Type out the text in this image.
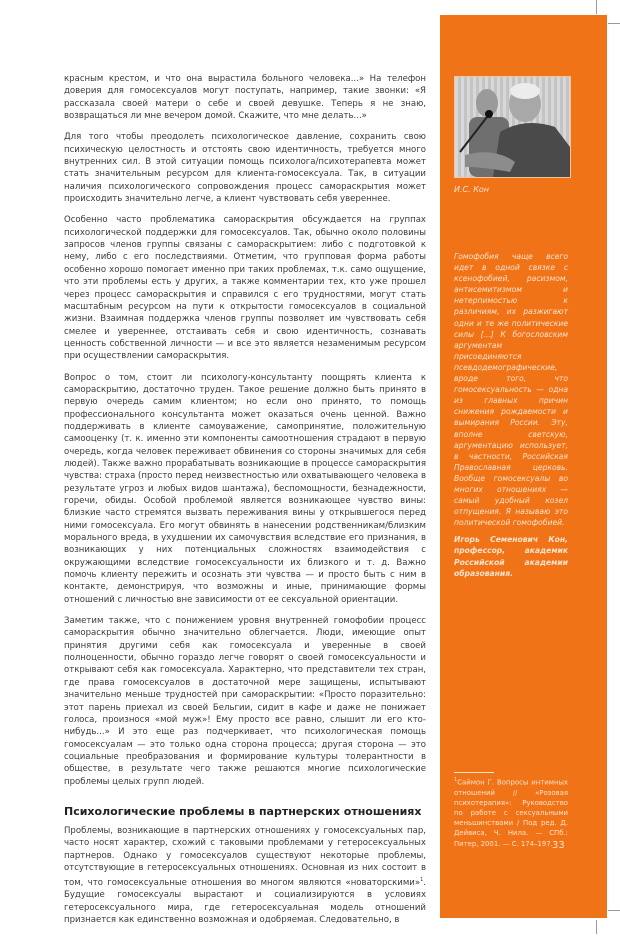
красным крестом, и что она вырастила больного человека...» На телефон доверия для гомосексуалов могут поступать, например, такие звонки: «Я рассказала своей матери о себе и своей девушке. Теперь я не знаю, возвращаться ли мне вечером домой. Скажите, что мне делать...»

Для того чтобы преодолеть психологическое давление, сохранить свою психическую целостность и отстоять свою идентичность, требуется много внутренних сил. В этой ситуации помощь психолога/психотерапевта может стать значительным ресурсом для клиента-гомосексуала. Так, в ситуации наличия психологического сопровождения процесс самораскрытия может происходить значительно легче, а клиент чувствовать себя увереннее.

Особенно часто проблематика самораскрытия обсуждается на группах психологической поддержки для гомосексуалов. Так, обычно около половины запросов членов группы связаны с самораскрытием: либо с подготовкой к нему, либо с его последствиями. Отметим, что групповая форма работы особенно хорошо помогает именно при таких проблемах, т.к. само ощущение, что эти проблемы есть у других, а также комментарии тех, кто уже прошел через процесс самораскрытия и справился с его трудностями, могут стать масштабным ресурсом на пути к открытости гомосексуалов в социальной жизни. Взаимная поддержка членов группы позволяет им чувствовать себя смелее и увереннее, отстаивать себя и свою идентичность, сознавать ценность собственной личности — и все это является незаменимым ресурсом при осуществлении самораскрытия.

Вопрос о том, стоит ли психологу-консультанту поощрять клиента к самораскрытию, достаточно труден. Такое решение должно быть принято в первую очередь самим клиентом; но если оно принято, то помощь профессионального консультанта может оказаться очень ценной. Важно поддерживать в клиенте самоуважение, самопринятие, положительную самооценку (т. к. именно эти компоненты самоотношения страдают в первую очередь, когда человек переживает обвинения со стороны значимых для себя людей). Также важно прорабатывать возникающие в процессе самораскрытия чувства: страха (просто перед неизвестностью или охватывающего человека в результате угроз и любых видов шантажа), беспомощности, безнадежности, горечи, обиды. Особой проблемой является возникающее чувство вины: близкие часто стремятся вызвать переживания вины у открывшегося перед ними гомосексуала. Его могут обвинять в нанесении родственникам/близким морального вреда, в ухудшении их самочувствия вследствие его признания, в возникающих у них потенциальных сложностях взаимодействия с окружающими вследствие гомосексуальности их близкого и т. д. Важно помочь клиенту пережить и осознать эти чувства — и просто быть с ним в контакте, демонстрируя, что возможны и иные, принимающие формы отношений с личностью вне зависимости от ее сексуальной ориентации.

Заметим также, что с понижением уровня внутренней гомофобии процесс самораскрытия обычно значительно облегчается. Люди, имеющие опыт принятия другими себя как гомосексуала и уверенные в своей полноценности, обычно гораздо легче говорят о своей гомосексуальности и открывают себя как гомосексуала. Характерно, что представители тех стран, где права гомосексуалов в достаточной мере защищены, испытывают значительно меньше трудностей при самораскрытии: «Просто поразительно: этот парень приехал из своей Бельгии, сидит в кафе и даже не понижает голоса, произнося «мой муж»! Ему просто все равно, слышит ли его кто-нибудь...» И это еще раз подчеркивает, что психологическая помощь гомосексуалам — это только одна сторона процесса; другая сторона — это социальные преобразования и формирование культуры толерантности в обществе, в результате чего также решаются многие психологические проблемы целых групп людей.

Психологические проблемы в партнерских отношениях

Проблемы, возникающие в партнерских отношениях у гомосексуальных пар, часто носят характер, схожий с таковыми проблемами у гетеросексуальных партнеров. Однако у гомосексуалов существуют некоторые проблемы, отсутствующие в гетеросексуальных отношениях. Основная из них состоит в том, что гомосексуальные отношения во многом являются «новаторскими»$^1$. Будущие гомосексуалы вырастают и социализируются в условиях гетеросексуального мира, где гетеросексуальная модель отношений признается как единственно возможная и одобряемая. Следовательно, в

И.С. Кон

Гомофобия чаще всего идет в одной связке с ксенофобией, расизмом, антисемитизмом и нетерпимостью к различиям, их разжигают одни и те же политические силы [...] К богословским аргументам присоединяются псевдодемографические, вроде того, что гомосексуальность — одна из главных причин снижения рождаемости и вымирания России. Эту, вполне светскую, аргументацию использует, в частности, Российская Православная церковь. Вообще гомосексуалы во многих отношениях — самый удобный козел отпущения. Я называю это политической гомофобией.

Игорь Семенович Кон, профессор, академик Российской академии образования.

$^1$Саймон Г. Вопросы интимных отношений // «Розовая психотерапия»: Руководство по работе с сексуальными меньшинствами / Под ред. Д. Дейвиса, Ч. Нила. — СПб.: Питер, 2001. — С. 174–197. 33
